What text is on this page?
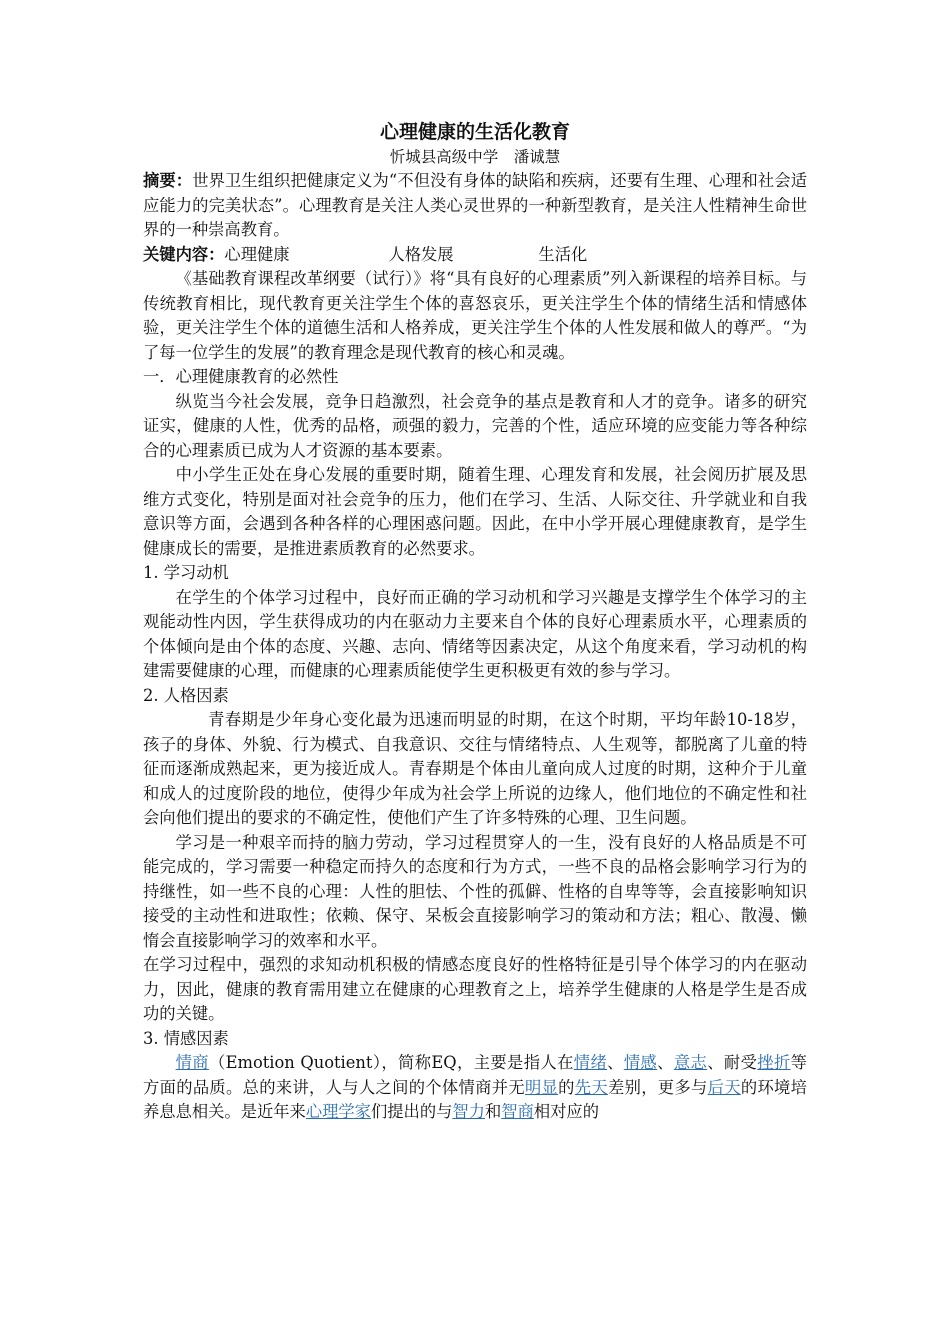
心理健康的生活化教育

忻城县高级中学　潘诚慧

摘要：世界卫生组织把健康定义为“不但没有身体的缺陷和疾病，还要有生理、心理和社会适应能力的完美状态”。心理教育是关注人类心灵世界的一种新型教育，是关注人性精神生命世界的一种崇高教育。

关键内容：心理健康	人格发展	生活化

《基础教育课程改革纲要（试行）》将“具有良好的心理素质”列入新课程的培养目标。与传统教育相比，现代教育更关注学生个体的喜怒哀乐，更关注学生个体的情绪生活和情感体验，更关注学生个体的道德生活和人格养成，更关注学生个体的人性发展和做人的尊严。“为了每一位学生的发展”的教育理念是现代教育的核心和灵魂。

一．心理健康教育的必然性

纵览当今社会发展，竞争日趋激烈，社会竞争的基点是教育和人才的竞争。诸多的研究证实，健康的人性，优秀的品格，顽强的毅力，完善的个性，适应环境的应变能力等各种综合的心理素质已成为人才资源的基本要素。

中小学生正处在身心发展的重要时期，随着生理、心理发育和发展，社会阅历扩展及思维方式变化，特别是面对社会竞争的压力，他们在学习、生活、人际交往、升学就业和自我意识等方面，会遇到各种各样的心理困惑问题。因此，在中小学开展心理健康教育，是学生健康成长的需要，是推进素质教育的必然要求。

1. 学习动机

在学生的个体学习过程中，良好而正确的学习动机和学习兴趣是支撑学生个体学习的主观能动性内因，学生获得成功的内在驱动力主要来自个体的良好心理素质水平，心理素质的个体倾向是由个体的态度、兴趣、志向、情绪等因素决定，从这个角度来看，学习动机的构建需要健康的心理，而健康的心理素质能使学生更积极更有效的参与学习。

2. 人格因素

青春期是少年身心变化最为迅速而明显的时期，在这个时期，平均年龄10-18岁，孩子的身体、外貌、行为模式、自我意识、交往与情绪特点、人生观等，都脱离了儿童的特征而逐渐成熟起来，更为接近成人。青春期是个体由儿童向成人过度的时期，这种介于儿童和成人的过度阶段的地位，使得少年成为社会学上所说的边缘人，他们地位的不确定性和社会向他们提出的要求的不确定性，使他们产生了许多特殊的心理、卫生问题。

学习是一种艰辛而持的脑力劳动，学习过程贯穿人的一生，没有良好的人格品质是不可能完成的，学习需要一种稳定而持久的态度和行为方式，一些不良的品格会影响学习行为的持继性，如一些不良的心理：人性的胆怯、个性的孤僻、性格的自卑等等，会直接影响知识接受的主动性和进取性；依赖、保守、呆板会直接影响学习的策动和方法；粗心、散漫、懒惰会直接影响学习的效率和水平。

在学习过程中，强烈的求知动机积极的情感态度良好的性格特征是引导个体学习的内在驱动力，因此，健康的教育需用建立在健康的心理教育之上，培养学生健康的人格是学生是否成功的关键。

3. 情感因素

情商（Emotion Quotient），简称EQ，主要是指人在情绪、情感、意志、耐受挫折等方面的品质。总的来讲，人与人之间的个体情商并无明显的先天差别，更多与后天的环境培养息息相关。是近年来心理学家们提出的与智力和智商相对应的
